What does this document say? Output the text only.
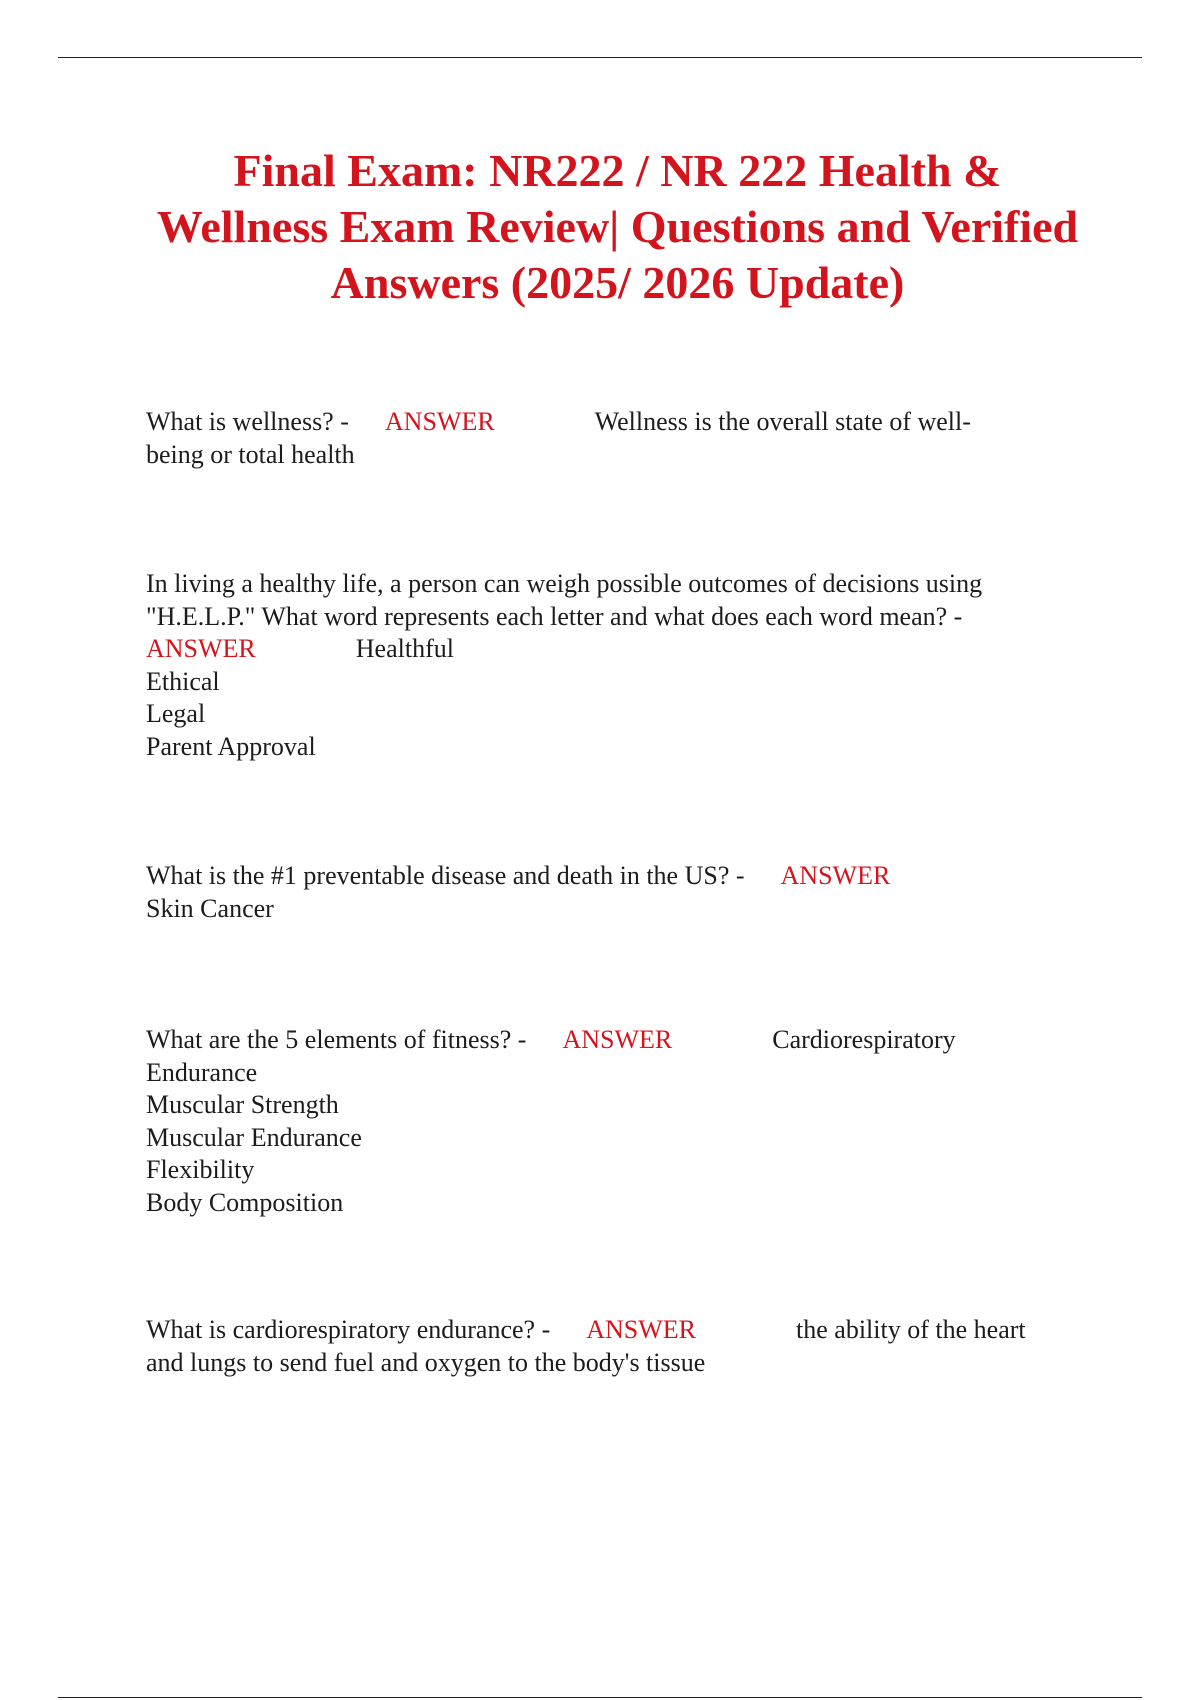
Final Exam: NR222 / NR 222 Health & Wellness Exam Review| Questions and Verified Answers (2025/ 2026 Update)
What is wellness? - ANSWER	Wellness is the overall state of well-
being or total health
In living a healthy life, a person can weigh possible outcomes of decisions using
"H.E.L.P." What word represents each letter and what does each word mean? -
ANSWER	Healthful
Ethical
Legal
Parent Approval
What is the #1 preventable disease and death in the US? - ANSWER
Skin Cancer
What are the 5 elements of fitness? - ANSWER	Cardiorespiratory
Endurance
Muscular Strength
Muscular Endurance
Flexibility
Body Composition
What is cardiorespiratory endurance? - ANSWER	the ability of the heart
and lungs to send fuel and oxygen to the body's tissue
